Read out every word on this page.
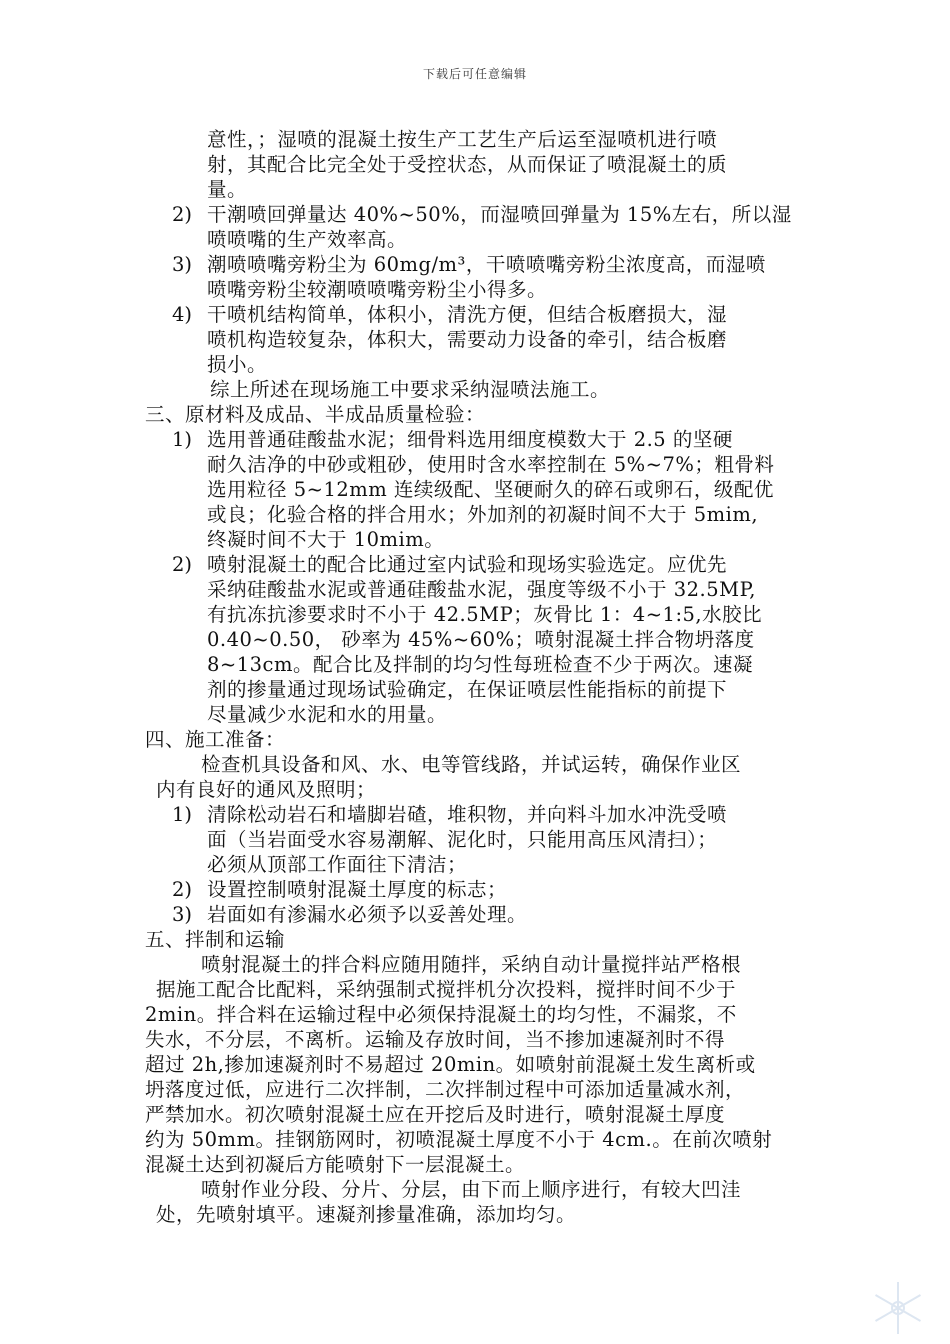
下载后可任意编辑
意性，；湿喷的混凝土按生产工艺生产后运至湿喷机进行喷
射，其配合比完全处于受控状态，从而保证了喷混凝土的质
量。
2) 干潮喷回弹量达 40%~50%，而湿喷回弹量为 15%左右，所以湿
喷喷嘴的生产效率高。
3) 潮喷喷嘴旁粉尘为 60mg/m³，干喷喷嘴旁粉尘浓度高，而湿喷
喷嘴旁粉尘较潮喷喷嘴旁粉尘小得多。
4) 干喷机结构简单，体积小，清洗方便，但结合板磨损大，湿
喷机构造较复杂，体积大，需要动力设备的牵引，结合板磨
损小。
综上所述在现场施工中要求采纳湿喷法施工。
三、原材料及成品、半成品质量检验：
1) 选用普通硅酸盐水泥；细骨料选用细度模数大于 2.5 的坚硬
耐久洁净的中砂或粗砂，使用时含水率控制在 5%~7%；粗骨料
选用粒径 5~12mm 连续级配、坚硬耐久的碎石或卵石，级配优
或良；化验合格的拌合用水；外加剂的初凝时间不大于 5mim,
终凝时间不大于 10mim。
2) 喷射混凝土的配合比通过室内试验和现场实验选定。应优先
采纳硅酸盐水泥或普通硅酸盐水泥，强度等级不小于 32.5MP,
有抗冻抗渗要求时不小于 42.5MP；灰骨比 1：4~1:5,水胶比
0.40~0.50， 砂率为 45%~60%；喷射混凝土拌合物坍落度
8~13cm。配合比及拌制的均匀性每班检查不少于两次。速凝
剂的掺量通过现场试验确定，在保证喷层性能指标的前提下
尽量减少水泥和水的用量。
四、施工准备：
检查机具设备和风、水、电等管线路，并试运转，确保作业区
内有良好的通风及照明；
1) 清除松动岩石和墙脚岩碴，堆积物，并向料斗加水冲洗受喷
面（当岩面受水容易潮解、泥化时，只能用高压风清扫）；
必须从顶部工作面往下清洁；
2) 设置控制喷射混凝土厚度的标志；
3) 岩面如有渗漏水必须予以妥善处理。
五、拌制和运输
喷射混凝土的拌合料应随用随拌，采纳自动计量搅拌站严格根
据施工配合比配料，采纳强制式搅拌机分次投料，搅拌时间不少于
2min。拌合料在运输过程中必须保持混凝土的均匀性，不漏浆，不
失水，不分层，不离析。运输及存放时间，当不掺加速凝剂时不得
超过 2h,掺加速凝剂时不易超过 20min。如喷射前混凝土发生离析或
坍落度过低，应进行二次拌制，二次拌制过程中可添加适量减水剂，
严禁加水。初次喷射混凝土应在开挖后及时进行，喷射混凝土厚度
约为 50mm。挂钢筋网时，初喷混凝土厚度不小于 4cm.。在前次喷射
混凝土达到初凝后方能喷射下一层混凝土。
喷射作业分段、分片、分层，由下而上顺序进行，有较大凹洼
处，先喷射填平。速凝剂掺量准确，添加均匀。
